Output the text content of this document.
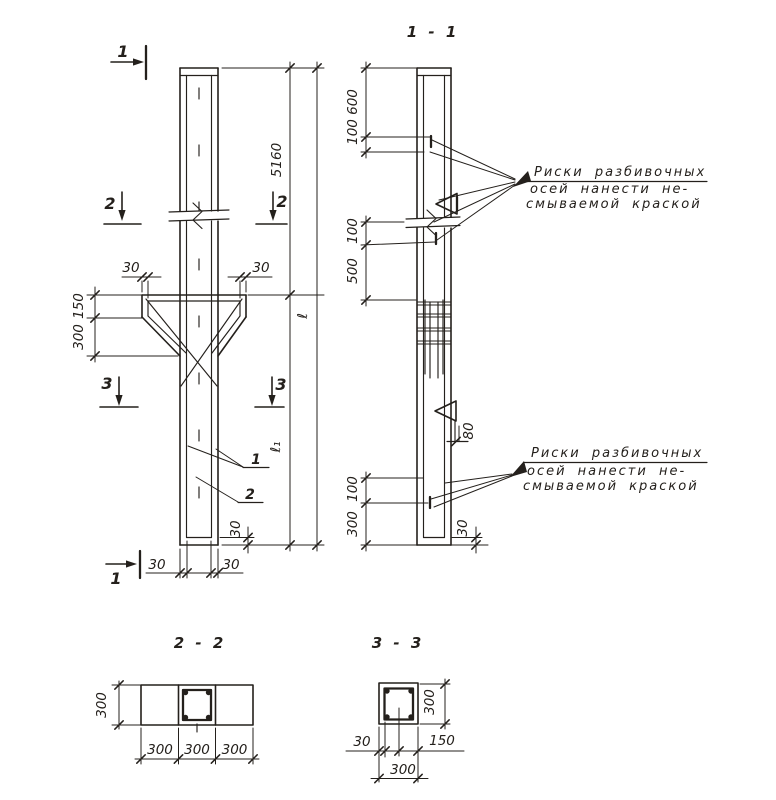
1
1
2	2
3	3
30	30
150
300
5160
ℓ₁
ℓ
30	30
30
1
2
1 - 1
80
600
100
100
500
100
300	30
Риски разбивочных
осей нанести не-
смываемой краской
Риски разбивочных
осей нанести не-
смываемой краской
2 - 2
300
300 300 300
3 - 3
300
30	150
300
